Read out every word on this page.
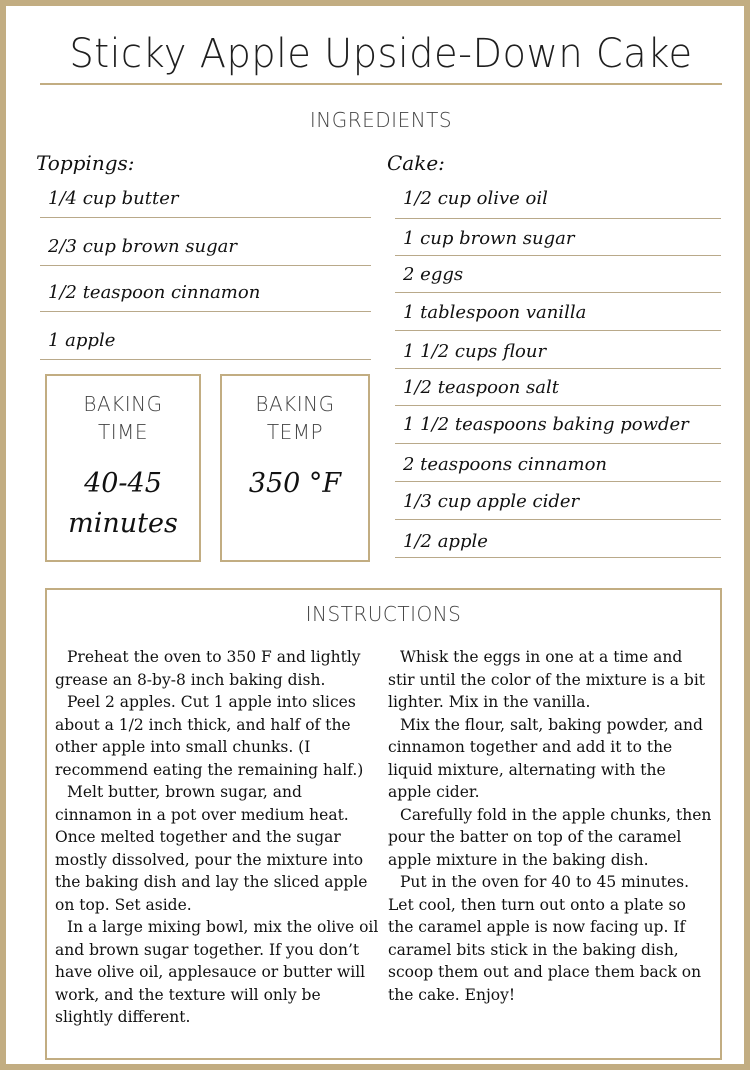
Sticky Apple Upside-Down Cake
INGREDIENTS
Toppings:
1/4 cup butter
2/3 cup brown sugar
1/2 teaspoon cinnamon
1 apple
BAKING
TIME
40-45
minutes
BAKING
TEMP
350 °F
Cake:
1/2 cup olive oil
1 cup brown sugar
2 eggs
1 tablespoon vanilla
1 1/2 cups flour
1/2 teaspoon salt
1 1/2 teaspoons baking powder
2 teaspoons cinnamon
1/3 cup apple cider
1/2 apple
INSTRUCTIONS

Preheat the oven to 350 F and lightly grease an 8-by-8 inch baking dish.

Peel 2 apples. Cut 1 apple into slices about a 1/2 inch thick, and half of the other apple into small chunks. (I recommend eating the remaining half.)

Melt butter, brown sugar, and cinnamon in a pot over medium heat. Once melted together and the sugar mostly dissolved, pour the mixture into the baking dish and lay the sliced apple on top. Set aside.

In a large mixing bowl, mix the olive oil and brown sugar together. If you don’t have olive oil, applesauce or butter will work, and the texture will only be slightly different.

Whisk the eggs in one at a time and stir until the color of the mixture is a bit lighter. Mix in the vanilla.

Mix the flour, salt, baking powder, and cinnamon together and add it to the liquid mixture, alternating with the apple cider.

Carefully fold in the apple chunks, then pour the batter on top of the caramel apple mixture in the baking dish.

Put in the oven for 40 to 45 minutes. Let cool, then turn out onto a plate so the caramel apple is now facing up. If caramel bits stick in the baking dish, scoop them out and place them back on the cake. Enjoy!
